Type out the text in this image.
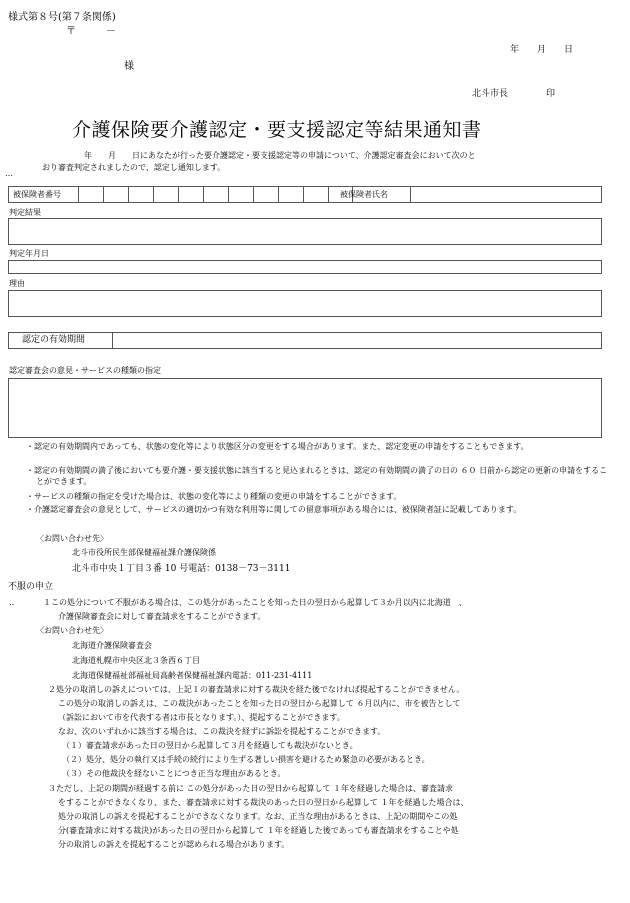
様式第８号(第７条関係)
〒　　　－
年　　月　　日
様
北斗市長	印
介護保険要介護認定・要支援認定等結果通知書
年　　月　　日にあなたが行った要介護認定・要支援認定等の申請について、介護認定審査会において次のと
おり審査判定されましたので、認定し通知します。
…
被保険者番号	被保険者氏名
判定結果
判定年月日
理由
認定の有効期間
認定審査会の意見・サービスの種類の指定
・認定の有効期間内であっても、状態の変化等により状態区分の変更をする場合があります。また、認定変更の申請をすることもできます。
・認定の有効期間の満了後においても要介護・要支援状態に該当すると見込まれるときは、認定の有効期間の満了の日の ６０ 日前から認定の更新の申請をすることができます。
・サービスの種類の指定を受けた場合は、状態の変化等により種類の変更の申請をすることができます。
・介護認定審査会の意見として、サービスの適切かつ有効な利用等に関しての留意事項がある場合には、被保険者証に記載してあります。
〈お問い合わせ先〉
北斗市役所民生部保健福祉課介護保険係
北斗市中央１丁目３番 10 号電話：0138－73－3111
不服の申立
‥	１この処分について不服がある場合は、この処分があったことを知った日の翌日から起算して３か月以内に北海道　、
介護保険審査会に対して審査請求をすることができます。
〈お問い合わせ先〉
北海道介護保険審査会
北海道札幌市中央区北３条西６丁目
北海道保健福祉部福祉局高齢者保健福祉課内電話：011-231-4111
２処分の取消しの訴えについては、上記１の審査請求に対する裁決を経た後でなければ提起することができません。
この処分の取消しの訴えは、この裁決があったことを知った日の翌日から起算して ６月以内に、市を被告として
（訴訟において市を代表する者は市長となります。）、提起することができます。
なお、次のいずれかに該当する場合は、この裁決を経ずに訴訟を提起することができます。
（１）審査請求があった日の翌日から起算して３月を経過しても裁決がないとき。
（２）処分、処分の執行又は手続の続行により生ずる著しい損害を避けるため緊急の必要があるとき。
（３）その他裁決を経ないことにつき正当な理由があるとき。
３ただし、上記の期間が経過する前に この処分があった日の翌日から起算して １年を経過した場合は、審査請求
をすることができなくなり、また、審査請求に対する裁決のあった日の翌日から起算して １年を経過した場合は、
処分の取消しの訴えを提起することができなくなります。なお、正当な理由があるときは、上記の期間やこの処
分(審査請求に対する裁決)があった日の翌日から起算して １年を経過した後であっても審査請求をすることや処
分の取消しの訴えを提起することが認められる場合があります。
